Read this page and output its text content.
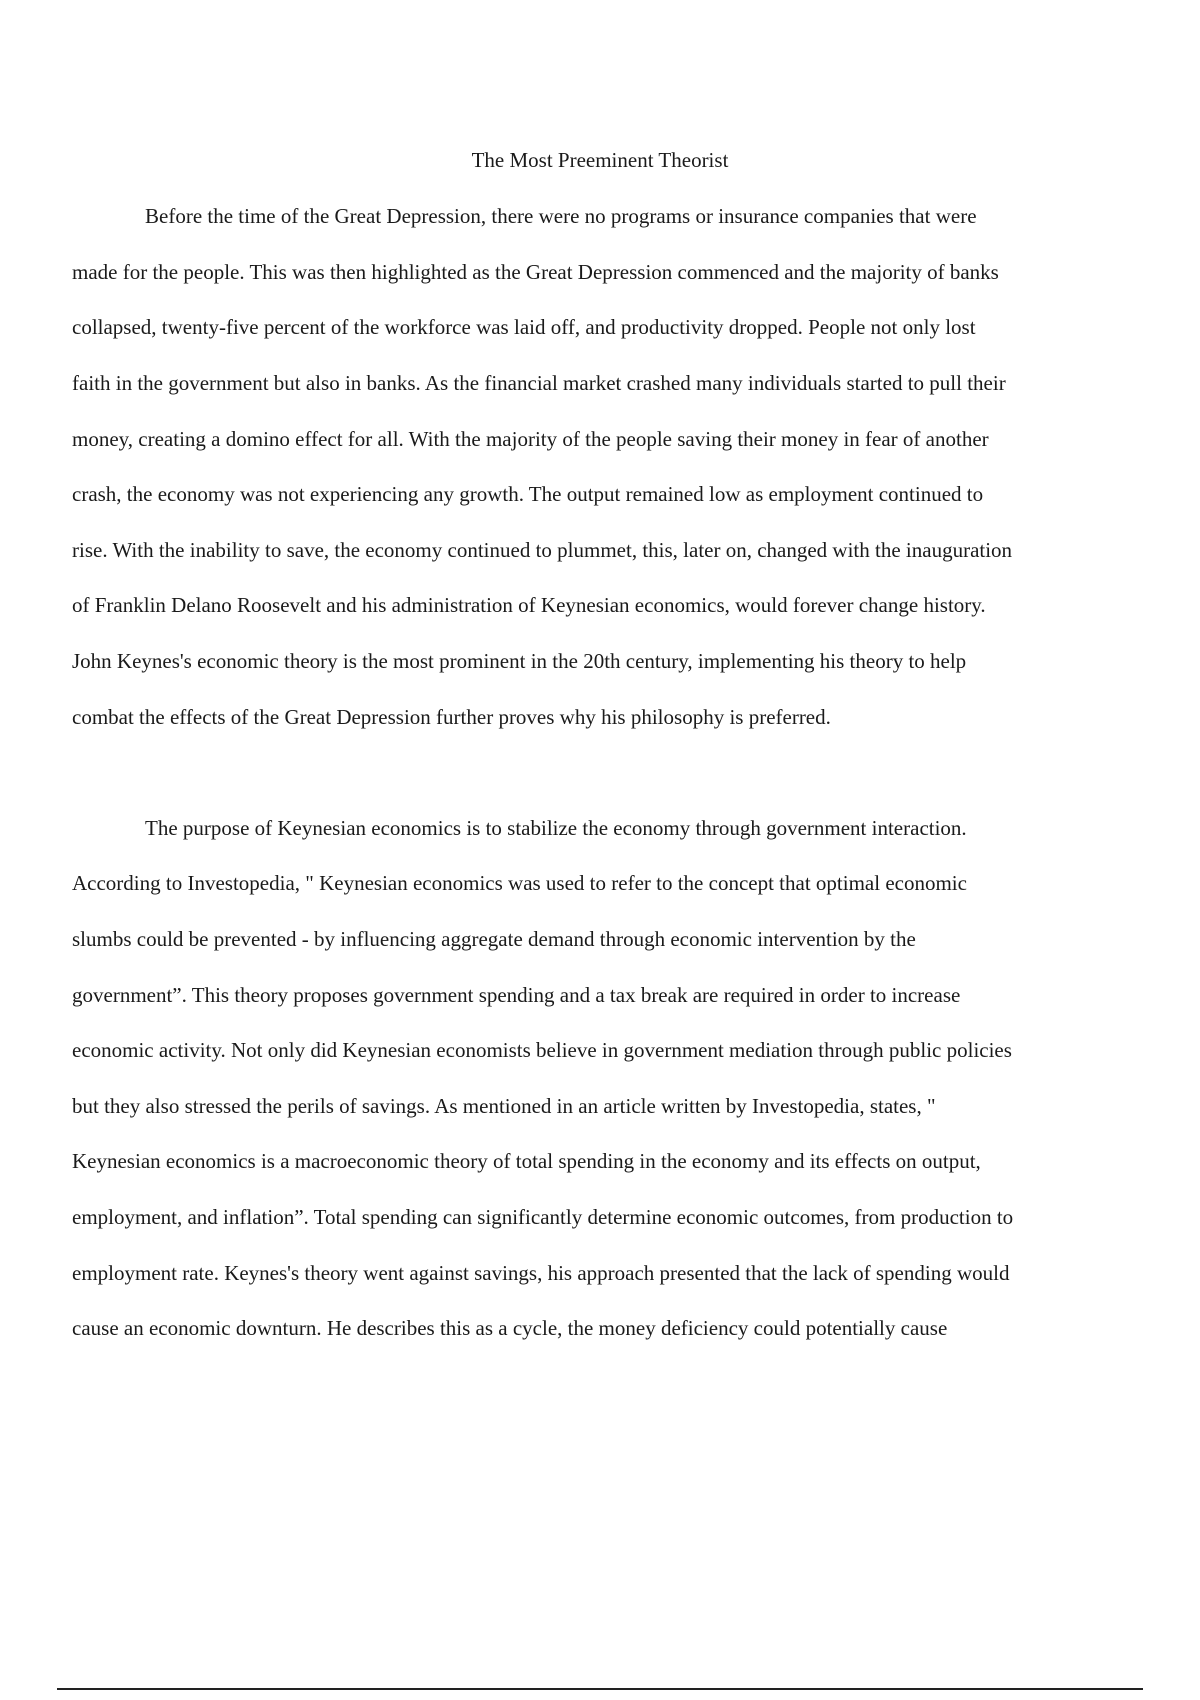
The Most Preeminent Theorist

Before the time of the Great Depression, there were no programs or insurance companies that were

made for the people. This was then highlighted as the Great Depression commenced and the majority of banks

collapsed, twenty-five percent of the workforce was laid off, and productivity dropped. People not only lost

faith in the government but also in banks. As the financial market crashed many individuals started to pull their

money, creating a domino effect for all. With the majority of the people saving their money in fear of another

crash, the economy was not experiencing any growth. The output remained low as employment continued to

rise. With the inability to save, the economy continued to plummet, this, later on, changed with the inauguration

of Franklin Delano Roosevelt and his administration of Keynesian economics, would forever change history.

John Keynes's economic theory is the most prominent in the 20th century, implementing his theory to help

combat the effects of the Great Depression further proves why his philosophy is preferred.

The purpose of Keynesian economics is to stabilize the economy through government interaction.

According to Investopedia, " Keynesian economics was used to refer to the concept that optimal economic

slumbs could be prevented - by influencing aggregate demand through economic intervention by the

government”. This theory proposes government spending and a tax break are required in order to increase

economic activity. Not only did Keynesian economists believe in government mediation through public policies

but they also stressed the perils of savings. As mentioned in an article written by Investopedia, states, "

Keynesian economics is a macroeconomic theory of total spending in the economy and its effects on output,

employment, and inflation”. Total spending can significantly determine economic outcomes, from production to

employment rate. Keynes's theory went against savings, his approach presented that the lack of spending would

cause an economic downturn. He describes this as a cycle, the money deficiency could potentially cause
